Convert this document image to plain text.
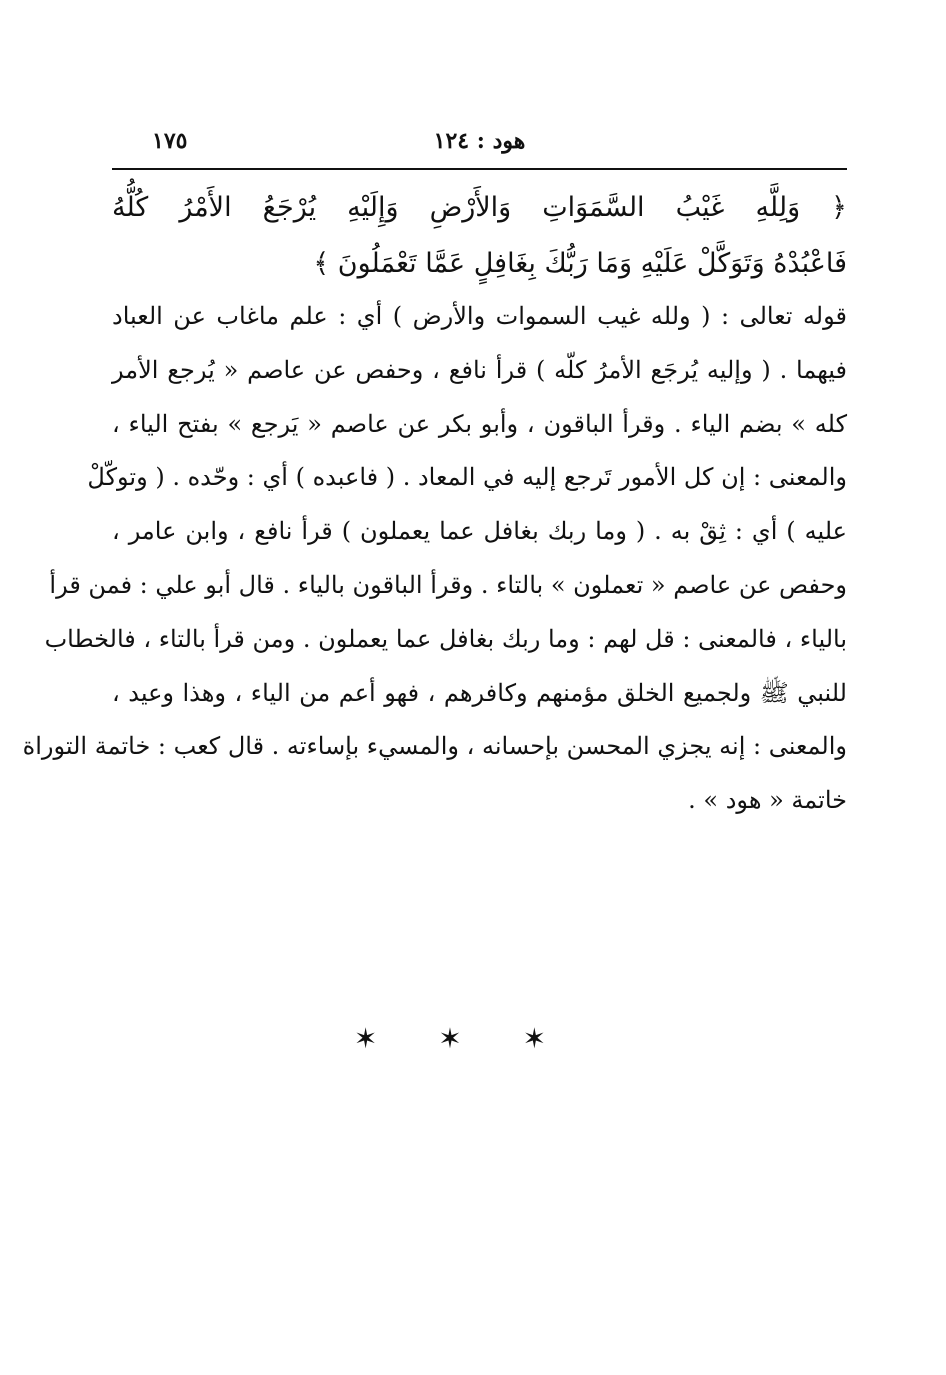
هود : ١٢٤
١٧٥
﴿ وَلِلَّهِ غَيْبُ السَّمَوَاتِ وَالأَرْضِ وَإِلَيْهِ يُرْجَعُ الأَمْرُ كُلُّهُ
فَاعْبُدْهُ وَتَوَكَّلْ عَلَيْهِ وَمَا رَبُّكَ بِغَافِلٍ عَمَّا تَعْمَلُونَ ﴾
قوله تعالى : ( ولله غيب السموات والأرض ) أي : علم ماغاب عن العباد
فيهما . ( وإليه يُرجَع الأمرُ كلّه ) قرأ نافع ، وحفص عن عاصم « يُرجع الأمر
كله » بضم الياء . وقرأ الباقون ، وأبو بكر عن عاصم « يَرجع » بفتح الياء ،
والمعنى : إن كل الأمور تَرجع إليه في المعاد . ( فاعبده ) أي : وحّده . ( وتوكّلْ
عليه ) أي : ثِقْ به . ( وما ربك بغافل عما يعملون ) قرأ نافع ، وابن عامر ،
وحفص عن عاصم « تعملون » بالتاء . وقرأ الباقون بالياء . قال أبو علي : فمن قرأ
بالياء ، فالمعنى : قل لهم : وما ربك بغافل عما يعملون . ومن قرأ بالتاء ، فالخطاب
للنبي ﷺ ولجميع الخلق مؤمنهم وكافرهم ، فهو أعم من الياء ، وهذا وعيد ،
والمعنى : إنه يجزي المحسن بإحسانه ، والمسيء بإساءته . قال كعب : خاتمة التوراة
خاتمة « هود » .
✶ ✶ ✶
